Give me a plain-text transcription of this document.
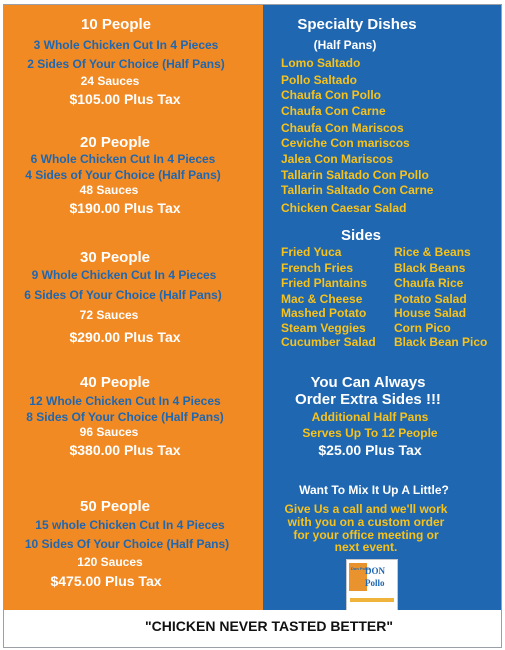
10 People
3 Whole Chicken Cut In 4 Pieces
2 Sides Of Your Choice (Half Pans)
24 Sauces
$105.00 Plus Tax
20 People
6 Whole Chicken Cut In 4 Pieces
4 Sides of Your Choice (Half Pans)
48 Sauces
$190.00 Plus Tax
30 People
9 Whole Chicken Cut In 4 Pieces
6 Sides Of Your Choice (Half Pans)
72 Sauces
$290.00 Plus Tax
40 People
12 Whole Chicken Cut In 4 Pieces
8 Sides Of Your Choice (Half Pans)
96 Sauces
$380.00 Plus Tax
50 People
15 whole Chicken Cut In 4 Pieces
10 Sides Of Your Choice (Half Pans)
120 Sauces
$475.00 Plus Tax
Specialty Dishes
(Half Pans)
Lomo Saltado
Pollo Saltado
Chaufa Con Pollo
Chaufa Con Carne
Chaufa Con Mariscos
Ceviche Con mariscos
Jalea Con Mariscos
Tallarin Saltado Con Pollo
Tallarin Saltado Con Carne
Chicken Caesar Salad
Sides
Fried Yuca
French Fries
Fried Plantains
Mac & Cheese
Mashed Potato
Steam Veggies
Cucumber Salad
Rice & Beans
Black Beans
Chaufa Rice
Potato Salad
House Salad
Corn Pico
Black Bean Pico
You Can Always
Order Extra Sides !!!
Additional Half Pans
Serves Up To 12 People
$25.00 Plus Tax
Want To Mix It Up A Little?
Give Us a call and we'll work
with you on a custom order
for your office meeting or
next event.
Don Pollo
DON
Pollo
"CHICKEN NEVER TASTED BETTER"
